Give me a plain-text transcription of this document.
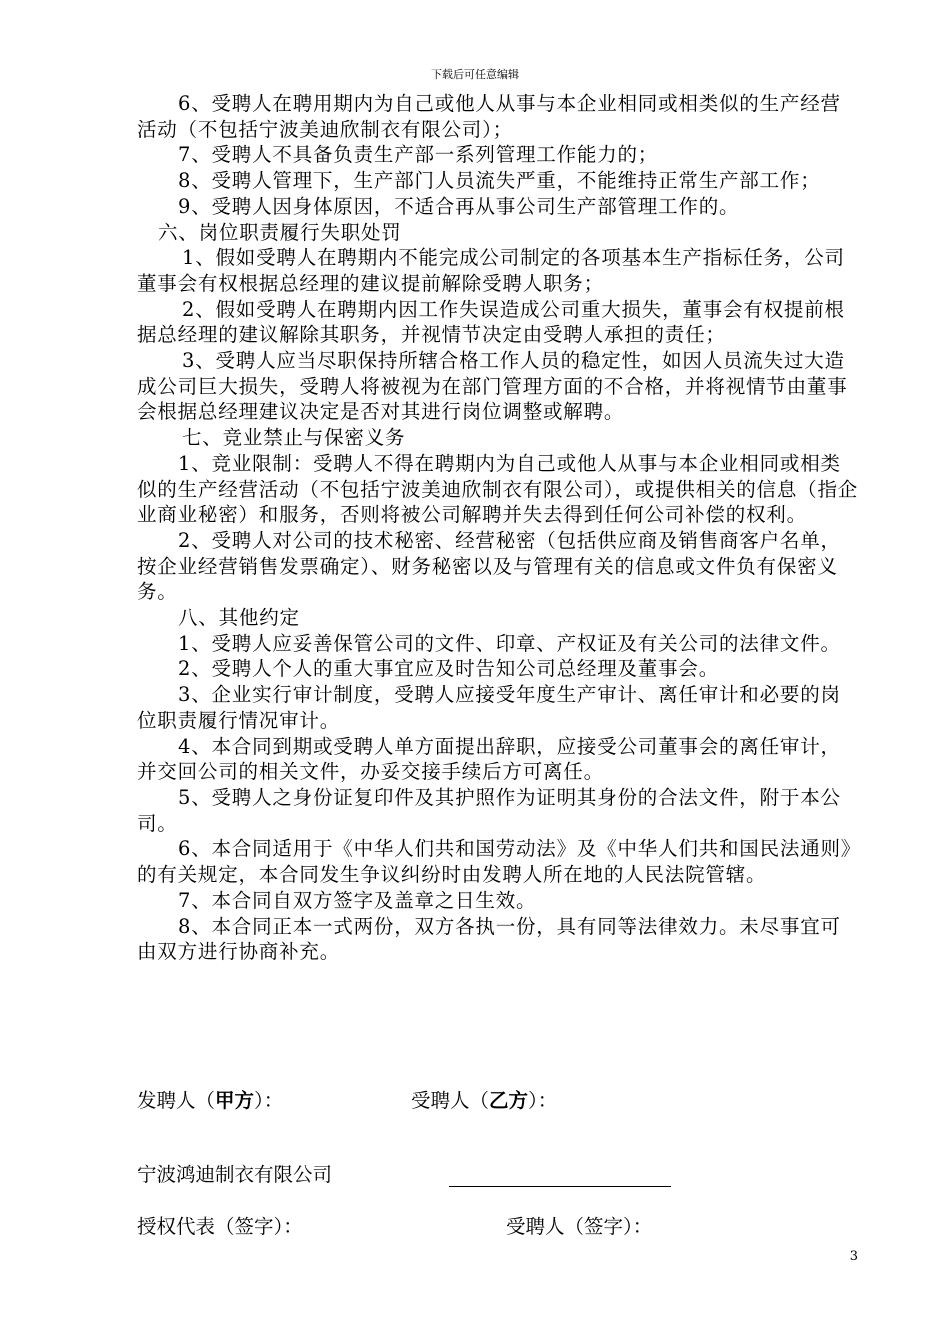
下载后可任意编辑

6、受聘人在聘用期内为自己或他人从事与本企业相同或相类似的生产经营活动（不包括宁波美迪欣制衣有限公司）；

7、受聘人不具备负责生产部一系列管理工作能力的；

8、受聘人管理下，生产部门人员流失严重，不能维持正常生产部工作；

9、受聘人因身体原因，不适合再从事公司生产部管理工作的。

六、岗位职责履行失职处罚

1、假如受聘人在聘期内不能完成公司制定的各项基本生产指标任务，公司董事会有权根据总经理的建议提前解除受聘人职务；

2、假如受聘人在聘期内因工作失误造成公司重大损失，董事会有权提前根据总经理的建议解除其职务，并视情节决定由受聘人承担的责任；

3、受聘人应当尽职保持所辖合格工作人员的稳定性，如因人员流失过大造成公司巨大损失，受聘人将被视为在部门管理方面的不合格，并将视情节由董事会根据总经理建议决定是否对其进行岗位调整或解聘。

七、竞业禁止与保密义务

1、竞业限制：受聘人不得在聘期内为自己或他人从事与本企业相同或相类似的生产经营活动（不包括宁波美迪欣制衣有限公司），或提供相关的信息（指企业商业秘密）和服务，否则将被公司解聘并失去得到任何公司补偿的权利。

2、受聘人对公司的技术秘密、经营秘密（包括供应商及销售商客户名单，按企业经营销售发票确定）、财务秘密以及与管理有关的信息或文件负有保密义务。

八、其他约定

1、受聘人应妥善保管公司的文件、印章、产权证及有关公司的法律文件。

2、受聘人个人的重大事宜应及时告知公司总经理及董事会。

3、企业实行审计制度，受聘人应接受年度生产审计、离任审计和必要的岗位职责履行情况审计。

4、本合同到期或受聘人单方面提出辞职，应接受公司董事会的离任审计，并交回公司的相关文件，办妥交接手续后方可离任。

5、受聘人之身份证复印件及其护照作为证明其身份的合法文件，附于本公司。

6、本合同适用于《中华人们共和国劳动法》及《中华人们共和国民法通则》的有关规定，本合同发生争议纠纷时由发聘人所在地的人民法院管辖。

7、本合同自双方签字及盖章之日生效。

8、本合同正本一式两份，双方各执一份，具有同等法律效力。未尽事宜可由双方进行协商补充。

发聘人（甲方）：	受聘人（乙方）：
宁波鸿迪制衣有限公司
授权代表（签字）：	受聘人（签字）：
3
